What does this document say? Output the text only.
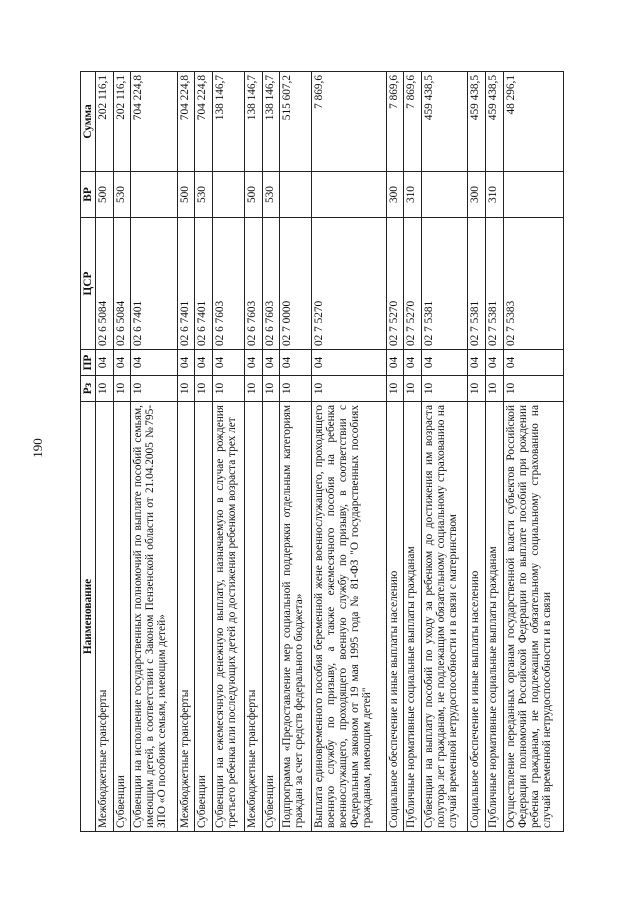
190
Наименование	Рз	ПР	ЦСР	ВР	Сумма
Межбюджетные трансферты	10	04	02 6 5084	500	202 116,1
Субвенции	10	04	02 6 5084	530	202 116,1
Субвенции на исполнение государственных полномочий по выплате пособий семьям, имеющим детей, в соответствии с Законом Пензенской области от 21.04.2005 №795-ЗПО «О пособиях семьям, имеющим детей»	10	04	02 6 7401		704 224,8
Межбюджетные трансферты	10	04	02 6 7401	500	704 224,8
Субвенции	10	04	02 6 7401	530	704 224,8
Субвенции на ежемесячную денежную выплату, назначаемую в случае рождения третьего ребенка или последующих детей до достижения ребенком возраста трех лет	10	04	02 6 7603		138 146,7
Межбюджетные трансферты	10	04	02 6 7603	500	138 146,7
Субвенции	10	04	02 6 7603	530	138 146,7
Подпрограмма «Предоставление мер социальной поддержки отдельным категориям граждан за счет средств федерального бюджета»	10	04	02 7 0000		515 607,2
Выплата единовременного пособия беременной жене военнослужащего, проходящего военную службу по призыву, а также ежемесячного пособия на ребенка военнослужащего, проходящего военную службу по призыву, в соответствии с Федеральным законом от 19 мая 1995 года № 81-ФЗ "О государственных пособиях гражданам, имеющим детей"	10	04	02 7 5270		7 869,6
Социальное обеспечение и иные выплаты населению	10	04	02 7 5270	300	7 869,6
Публичные нормативные социальные выплаты гражданам	10	04	02 7 5270	310	7 869,6
Субвенции на выплату пособий по уходу за ребенком до достижения им возраста полутора лет гражданам, не подлежащим обязательному социальному страхованию на случай временной нетрудоспособности и в связи с материнством	10	04	02 7 5381		459 438,5
Социальное обеспечение и иные выплаты населению	10	04	02 7 5381	300	459 438,5
Публичные нормативные социальные выплаты гражданам	10	04	02 7 5381	310	459 438,5
Осуществление переданных органам государственной власти субъектов Российской Федерации полномочий Российской Федерации по выплате пособий при рождении ребенка гражданам, не подлежащим обязательному социальному страхованию на случай временной нетрудоспособности и в связи	10	04	02 7 5383		48 296,1
